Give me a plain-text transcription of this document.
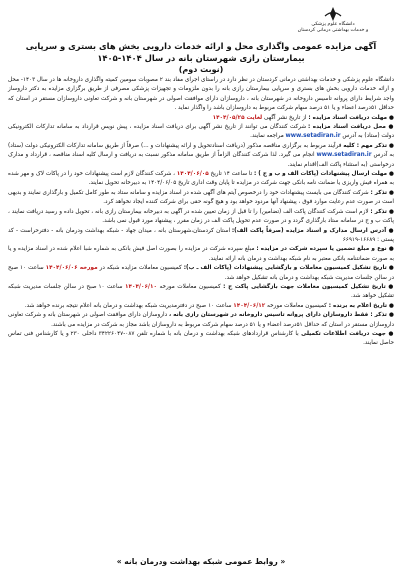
دانشگاه علوم پزشکی
و خدمات بهداشتی درمانی کردستان
آگهی مزایده عمومی واگذاری محل و ارائه خدمات دارویی بخش های بستری و سرپایی بیمارستان رازی شهرستان بانه در سال ۱۴۰۴-۱۴۰۵
(نوبت دوم)

دانشگاه علوم پزشکی و خدمات بهداشتی درمانی کردستان در نظر دارد در راستای اجرای مفاد بند ۲ مصوبات سومین کمیته واگذاری داروخانه ها در سال ۱۴۰۳- محل و ارائه خدمات دارویی بخش های بستری و سرپایی بیمارستان رازی بانه را بدون ملزومات و تجهیزات پزشکی مصرفی از طریق برگزاری مزایده به دکتر داروساز واجد شرایط دارای پروانه تاسیس داروخانه در شهرستان بانه ، داروسازان دارای موافقت اصولی در شهرستان بانه و شرکت تعاونی داروسازان مستقر در استان که حداقل ۵۱درصد اعضاء و یا ۵۱ درصد سهام شرکت مربوط به داروسازان باشد را واگذار نماید .

● مهلت دریافت اسناد مزایده : از تاریخ نشر آگهی لغایت ۱۴۰۴/۰۵/۲۵

● محل دریافت اسناد مزایده : شرکت کنندگان می توانند از تاریخ نشر آگهی برای دریافت اسناد مزایده ، پیش نویس قرارداد به سامانه تدارکات الکترونیکی دولت (ستاد) به آدرس www.setadiran.ir مراجعه نمایند.

● تذکر مهم : کلیه فرآیند مربوط به برگزاری مناقصه مذکور (دریافت اسنادتحویل و ارائه پیشنهادات و ...) صرفاً از طریق سامانه تدارکات الکترونیکی دولت (ستاد) به آدرس www.setadiran.ir انجام می گیرد. لذا شرکت کنندگان الزاماً از طریق سامانه مذکور نسبت به دریافت و ارسال کلیه اسناد مناقصه ، قرارداد و مدارک درخواستی (به استثناء پاکت الف)اقدام نمایند.

● مهلت ارسال پیشنهادات (پاکات الف و ب و ج ) : تا ساعت ۱۴ تاریخ ۱۴۰۴/۰۶/۰۵ ، شرکت کنندگان لازم است پیشنهادات خود را در پاکات لاک و مهر شده به همراه فیش واریزی یا ضمانت نامه بانکی جهت شرکت در مزایده تا پایان وقت اداری تاریخ ۱۴۰۴/۰۶/۰۵ به دبیرخانه تحویل نمایند.

● تذکر : شرکت کنندگان می بایست پیشنهادات خود را درخصوص آیتم های آگهی شده در اسناد مزایده و سامانه ستاد به طور کامل تکمیل و بارگذاری نمایند و بدیهی است در صورت عدم رعایت موارد فوق ، پیشنهاد آنها مردود خواهد بود و هیچ گونه حقی برای شرکت کننده ایجاد نخواهد کرد.

● تذکر : لازم است شرکت کنندگان پاکت الف (تضامین) را تا قبل از زمان تعیین شده در آگهی به دبیرخانه بیمارستان رازی بانه ، تحویل داده و رسید دریافت نمایند ، پاکت ب و ج در سامانه ستاد بارگذاری گردد و در صورت عدم تحویل پاکت الف در زمان مقرر ، پیشنهاد مورد قبول نمی باشد.

● آدرس ارسال مدارک و اسناد مزایده (صرفاً پاکت الف): استان کردستان،شهرستان بانه ، میدان جهاد - شبکه بهداشت ودرمان بانه - دفترحراست - کد پستی : ۱۶۶۸۹-۶۶۹۱۹

● نوع و مبلغ تضمین یا سپرده شرکت در مزایده : مبلغ سپرده شرکت در مزایده را بصورت اصل فیش بانکی به شماره شبا اعلام شده در اسناد مزایده و یا به صورت ضمانتنامه بانکی معتبر به نام شبکه بهداشت و درمان بانه ارائه نمایند.

● تاریخ تشکیل کمیسیون معاملات و بازگشایی پیشنهادات (پاکات الف ـ ب): کمیسیون معاملات مزایده شبکه در مورخه ۱۴۰۴/۰۶/۰۶ ساعت ۱۰ صبح در سالن جلسات مدیریت شبکه بهداشت و درمان بانه تشکیل خواهد شد.

● تاریخ تشکیل کمیسیون معاملات جهت بازگشایی پاکت ج : کمیسیون معاملات مورخه ۱۴۰۴/۰۶/۱۰ ساعت ۱۰ صبح در سالن جلسات مدیریت شبکه تشکیل خواهد شد.

● تاریخ اعلام به برنده : کمیسیون معاملات مورخه ۱۴۰۴/۰۶/۱۲ ساعت ۱۰ صبح در دفترمدیریت شبکه بهداشت و درمان بانه اعلام نتیجه برنده خواهد شد.

● تذکر : فقط داروسازان دارای پروانه تاسیس داروخانه در شهرستان رازی بانه ، داروسازان دارای موافقت اصولی در شهرستان بانه و شرکت تعاونی داروسازان مستقر در استان که حداقل ۵۱درصد اعضاء و یا ۵۱ درصد سهام شرکت مربوط به داروسازان باشد مجاز به شرکت در مزایده می باشند.

● جهت دریافت اطلاعات تکمیلی با کارشناس قراردادهای شبکه بهداشت و درمان بانه با شماره تلفن ۰۸۷-۳۴۲۲۶۰۴۷ داخلی ۲۳۰ و یا کارشناس فنی تماس حاصل نمایند.

« روابط عمومی شبکه بهداشت ودرمان بانه »
